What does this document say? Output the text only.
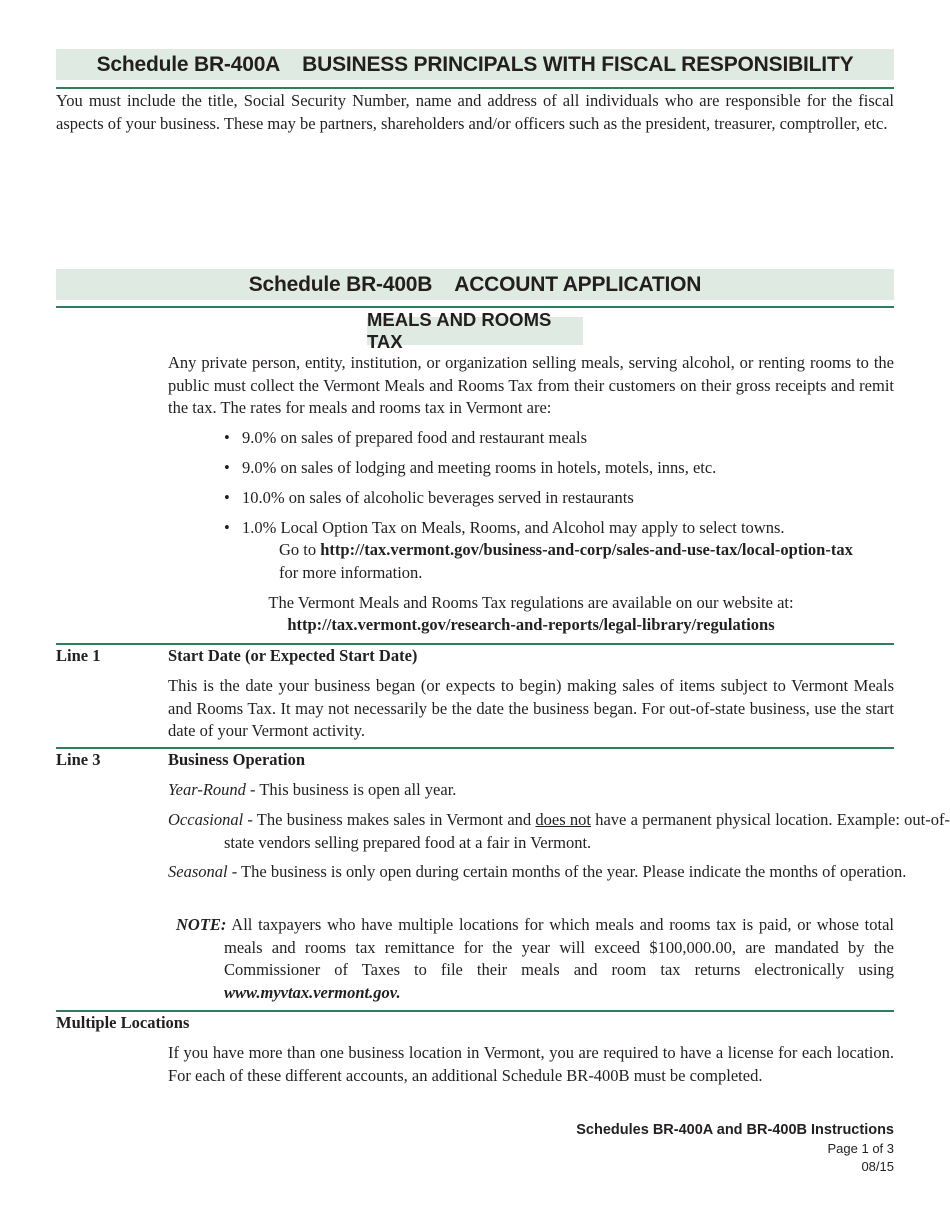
Schedule BR-400A BUSINESS PRINCIPALS WITH FISCAL RESPONSIBILITY
You must include the title, Social Security Number, name and address of all individuals who are responsible for the fiscal aspects of your business. These may be partners, shareholders and/or officers such as the president, treasurer, comptroller, etc.
Schedule BR-400B ACCOUNT APPLICATION
MEALS AND ROOMS TAX
Any private person, entity, institution, or organization selling meals, serving alcohol, or renting rooms to the public must collect the Vermont Meals and Rooms Tax from their customers on their gross receipts and remit the tax. The rates for meals and rooms tax in Vermont are:
• 9.0% on sales of prepared food and restaurant meals
• 9.0% on sales of lodging and meeting rooms in hotels, motels, inns, etc.
• 10.0% on sales of alcoholic beverages served in restaurants
• 1.0% Local Option Tax on Meals, Rooms, and Alcohol may apply to select towns.
Go to http://tax.vermont.gov/business-and-corp/sales-and-use-tax/local-option-tax for more information.
The Vermont Meals and Rooms Tax regulations are available on our website at:
http://tax.vermont.gov/research-and-reports/legal-library/regulations
Line 1	Start Date (or Expected Start Date)
This is the date your business began (or expects to begin) making sales of items subject to Vermont Meals and Rooms Tax. It may not necessarily be the date the business began. For out-of-state business, use the start date of your Vermont activity.
Line 3	Business Operation
Year-Round - This business is open all year.
Occasional - The business makes sales in Vermont and does not have a permanent physical location. Example: out-of-state vendors selling prepared food at a fair in Vermont.
Seasonal - The business is only open during certain months of the year. Please indicate the months of operation.
NOTE: All taxpayers who have multiple locations for which meals and rooms tax is paid, or whose total meals and rooms tax remittance for the year will exceed $100,000.00, are mandated by the Commissioner of Taxes to file their meals and room tax returns electronically using www.myvtax.vermont.gov.
Multiple Locations
If you have more than one business location in Vermont, you are required to have a license for each location. For each of these different accounts, an additional Schedule BR-400B must be completed.
Schedules BR-400A and BR-400B Instructions
Page 1 of 3
08/15
